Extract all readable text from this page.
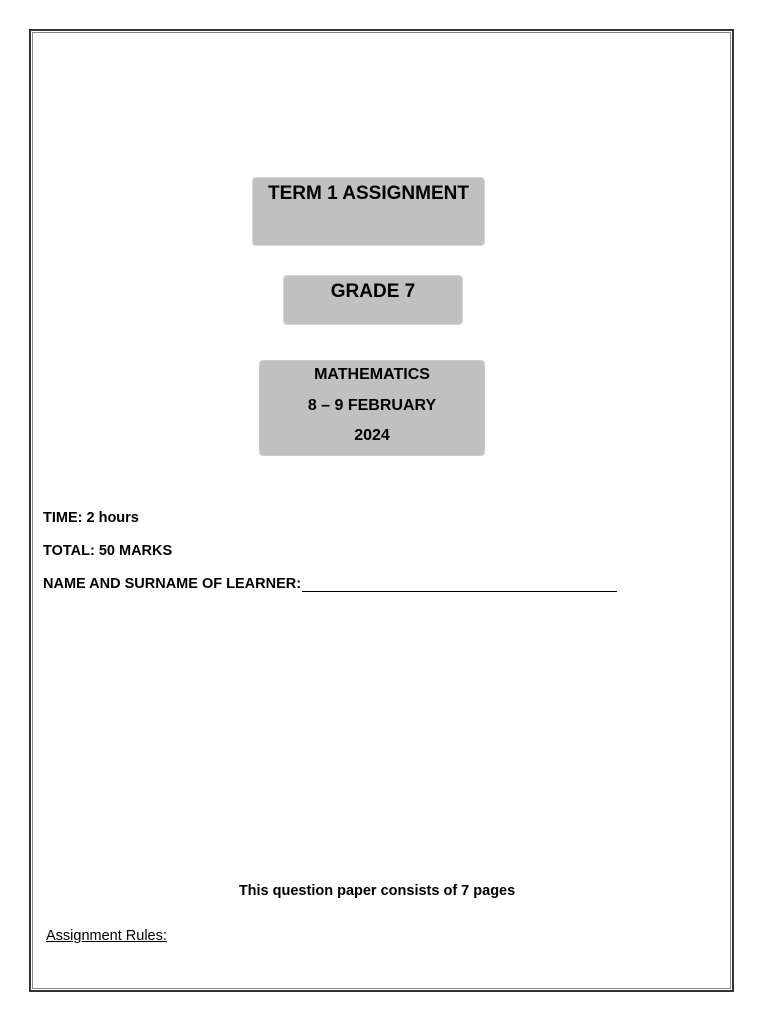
TERM 1 ASSIGNMENT
GRADE 7
MATHEMATICS
8 – 9 FEBRUARY
2024
TIME: 2 hours
TOTAL: 50 MARKS
NAME AND SURNAME OF LEARNER:
This question paper consists of 7 pages
Assignment Rules:
